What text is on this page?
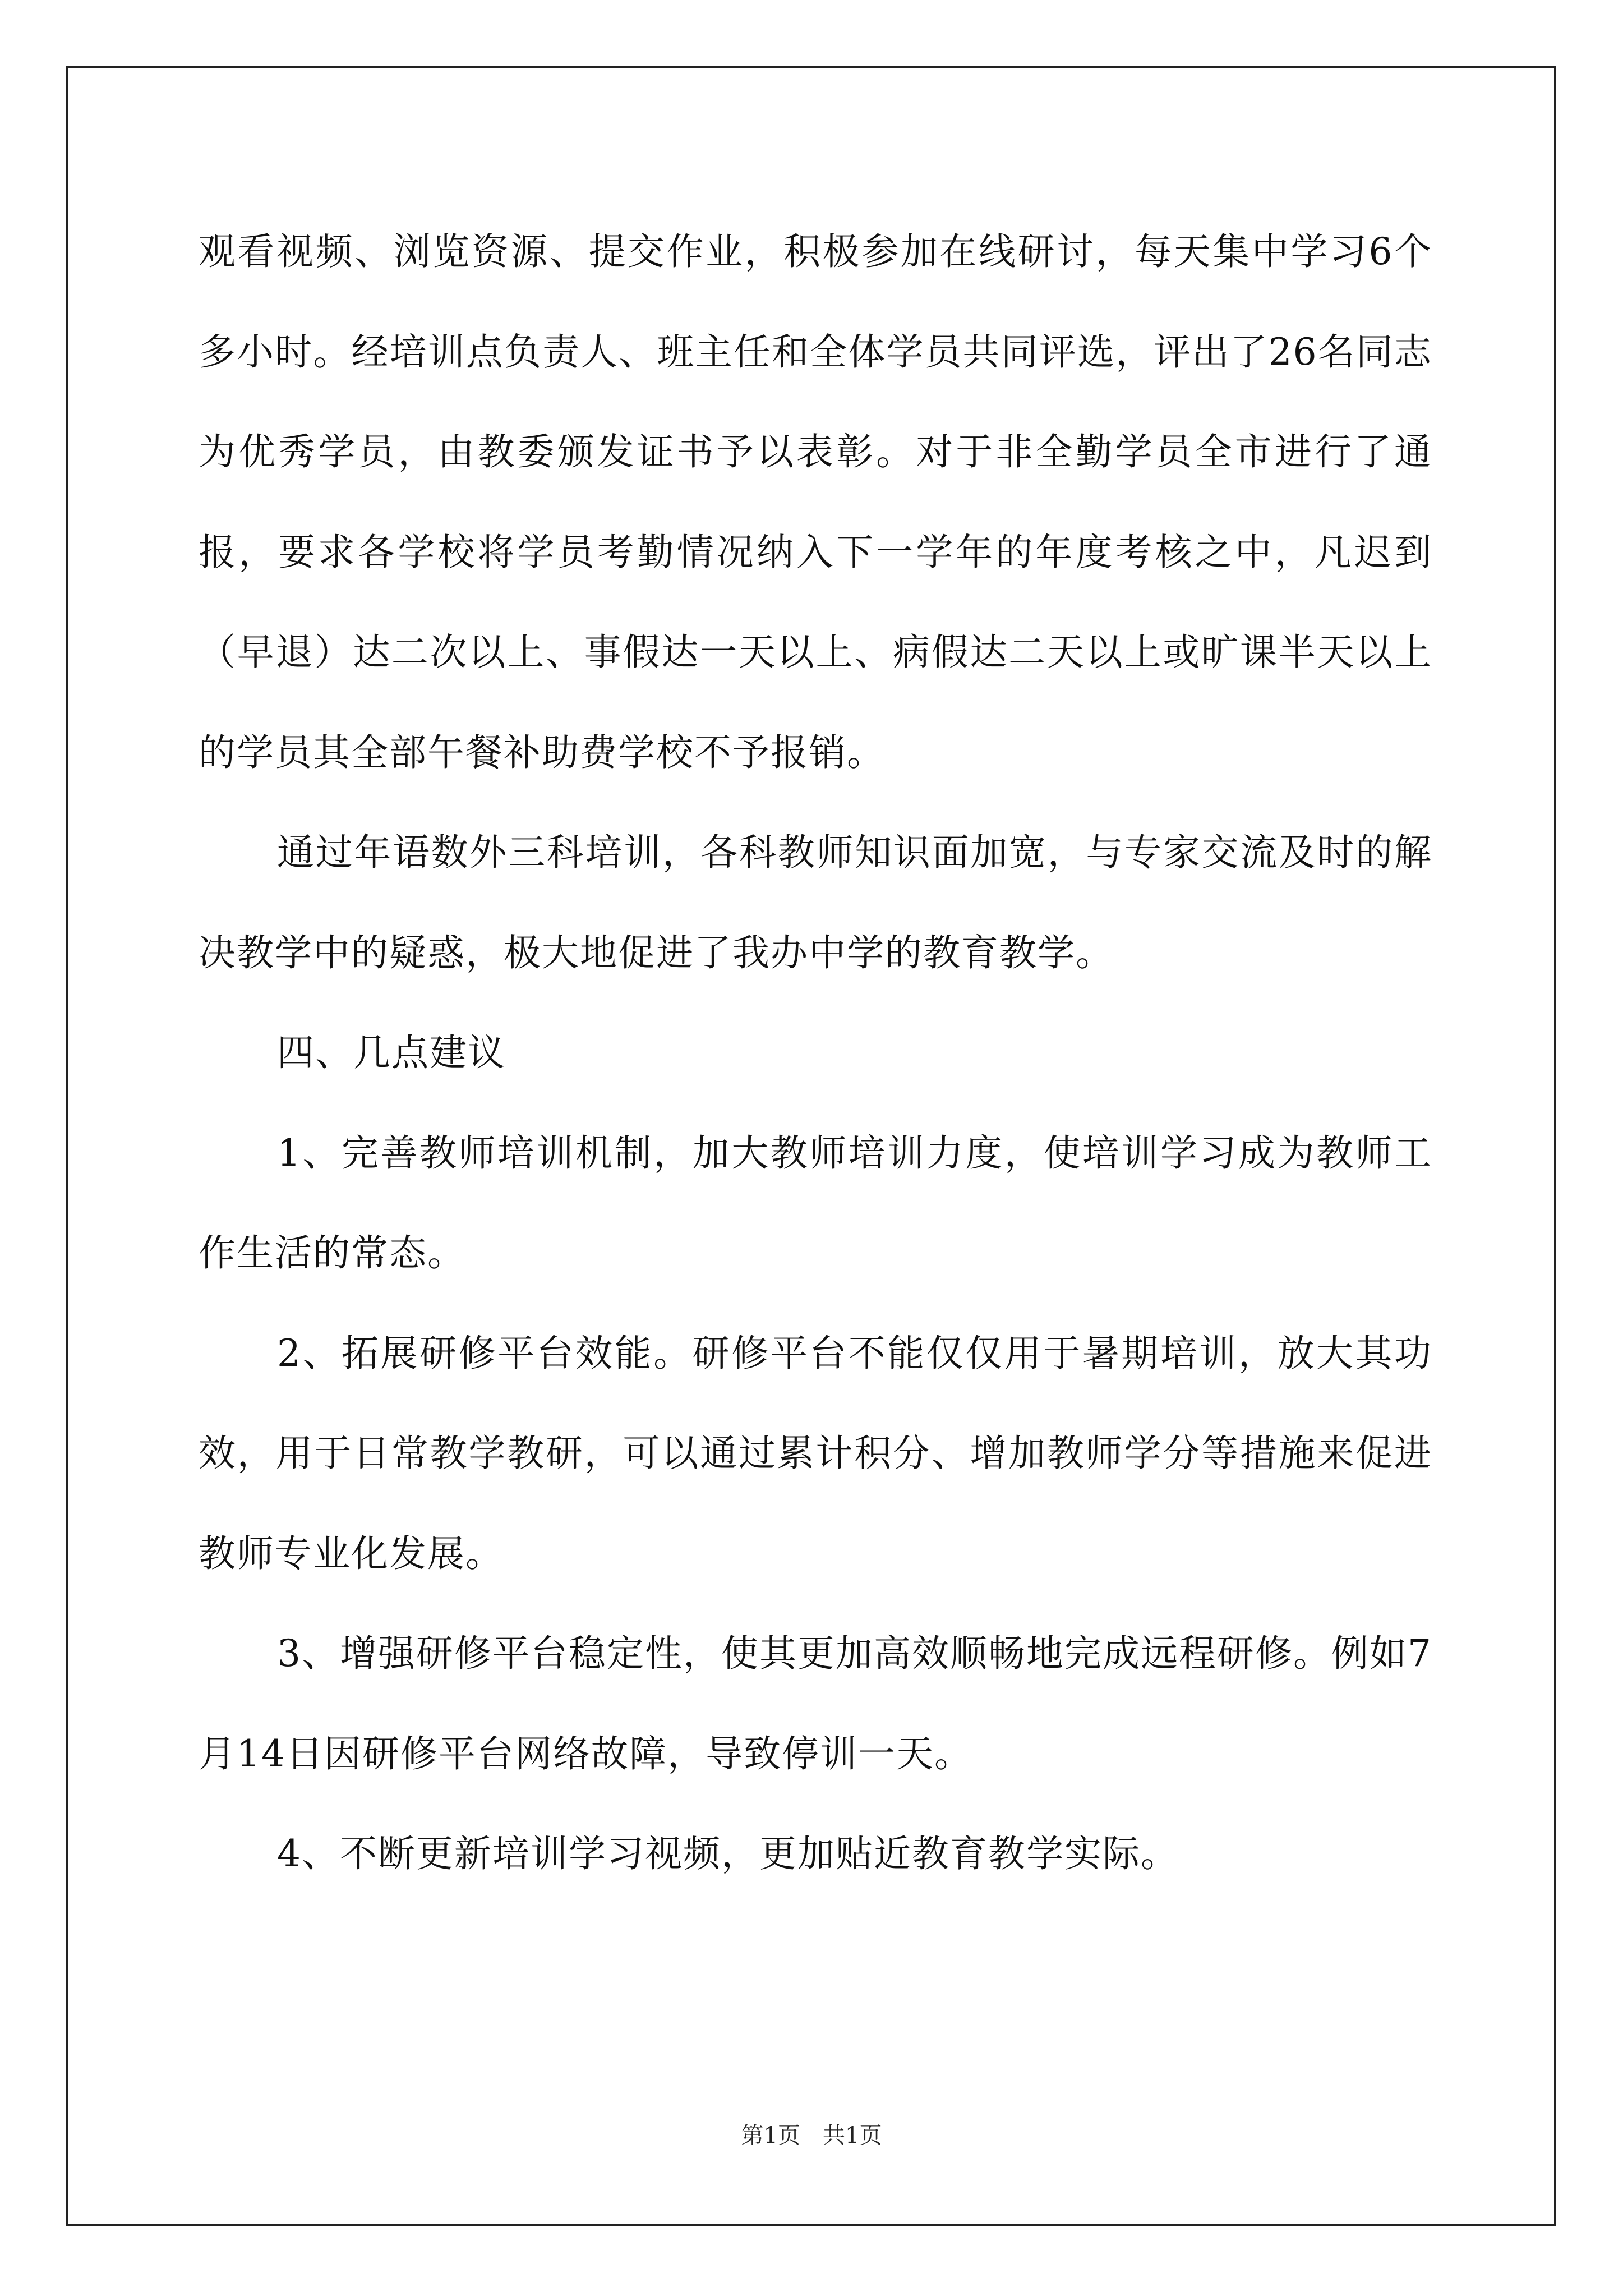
观看视频、浏览资源、提交作业，积极参加在线研讨，每天集中学习6个多小时。经培训点负责人、班主任和全体学员共同评选，评出了26名同志为优秀学员，由教委颁发证书予以表彰。对于非全勤学员全市进行了通报，要求各学校将学员考勤情况纳入下一学年的年度考核之中，凡迟到（早退）达二次以上、事假达一天以上、病假达二天以上或旷课半天以上的学员其全部午餐补助费学校不予报销。

通过年语数外三科培训，各科教师知识面加宽，与专家交流及时的解决教学中的疑惑，极大地促进了我办中学的教育教学。

四、几点建议

1、完善教师培训机制，加大教师培训力度，使培训学习成为教师工作生活的常态。

2、拓展研修平台效能。研修平台不能仅仅用于暑期培训，放大其功效，用于日常教学教研，可以通过累计积分、增加教师学分等措施来促进教师专业化发展。

3、增强研修平台稳定性，使其更加高效顺畅地完成远程研修。例如7月14日因研修平台网络故障，导致停训一天。

4、不断更新培训学习视频，更加贴近教育教学实际。

第1页 共1页
